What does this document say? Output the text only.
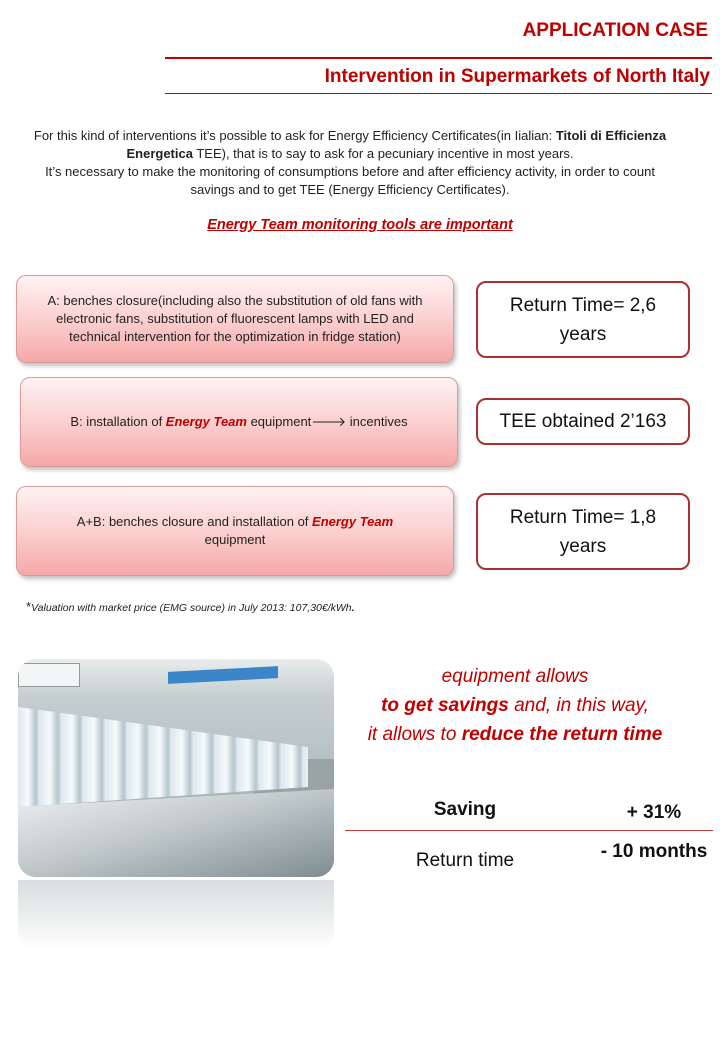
APPLICATION CASE
Intervention in Supermarkets of North Italy
For this kind of interventions it’s possible to ask for Energy Efficiency Certificates(in Iialian: Titoli di Efficienza Energetica TEE), that is to say to ask for a pecuniary incentive in most years.
It’s necessary to make the monitoring of consumptions before and after efficiency activity, in order to count savings and to get TEE (Energy Efficiency Certificates).
Energy Team monitoring tools are important
A: benches closure(including also the substitution of old fans with electronic fans, substitution of fluorescent lamps with LED and technical intervention for the optimization in fridge station)
Return Time= 2,6 years
B: installation of Energy Team equipment🡒 incentives	TEE obtained 2’163
A+B: benches closure and installation of Energy Team
equipment
Return Time= 1,8 years
*Valuation with market price (EMG source) in July 2013: 107,30€/kWh.
equipment allows
to get savings and, in this way,
it allows to reduce the return time
Saving	+ 31%
Return time	- 10 months
